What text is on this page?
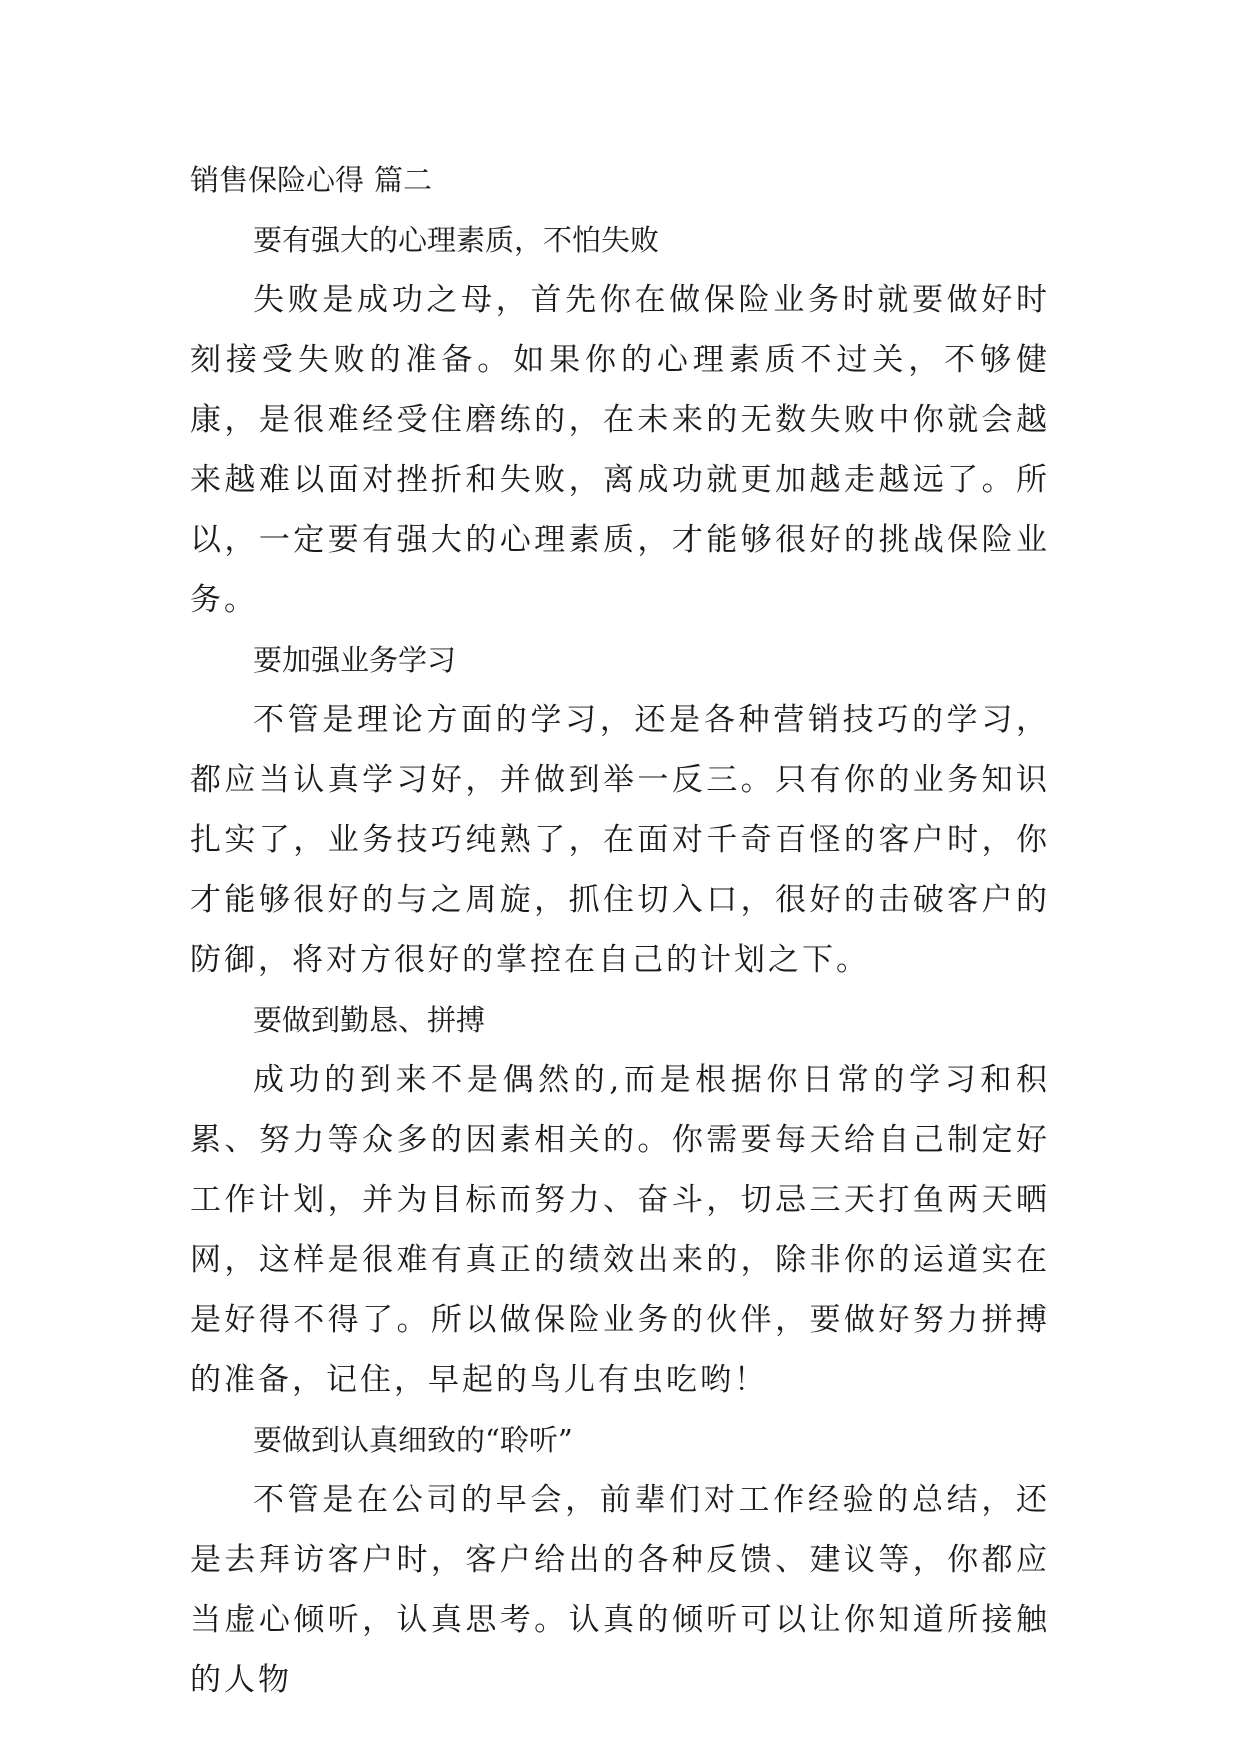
销售保险心得 篇二
要有强大的心理素质，不怕失败

失败是成功之母，首先你在做保险业务时就要做好时刻接受失败的准备。如果你的心理素质不过关，不够健康，是很难经受住磨练的，在未来的无数失败中你就会越来越难以面对挫折和失败，离成功就更加越走越远了。所以，一定要有强大的心理素质，才能够很好的挑战保险业务。

要加强业务学习

不管是理论方面的学习，还是各种营销技巧的学习，都应当认真学习好，并做到举一反三。只有你的业务知识扎实了，业务技巧纯熟了，在面对千奇百怪的客户时，你才能够很好的与之周旋，抓住切入口，很好的击破客户的防御，将对方很好的掌控在自己的计划之下。

要做到勤恳、拼搏

成功的到来不是偶然的,而是根据你日常的学习和积累、努力等众多的因素相关的。你需要每天给自己制定好工作计划，并为目标而努力、奋斗，切忌三天打鱼两天晒网，这样是很难有真正的绩效出来的，除非你的运道实在是好得不得了。所以做保险业务的伙伴，要做好努力拼搏的准备，记住，早起的鸟儿有虫吃哟！

要做到认真细致的“聆听”

不管是在公司的早会，前辈们对工作经验的总结，还是去拜访客户时，客户给出的各种反馈、建议等，你都应当虚心倾听，认真思考。认真的倾听可以让你知道所接触的人物
